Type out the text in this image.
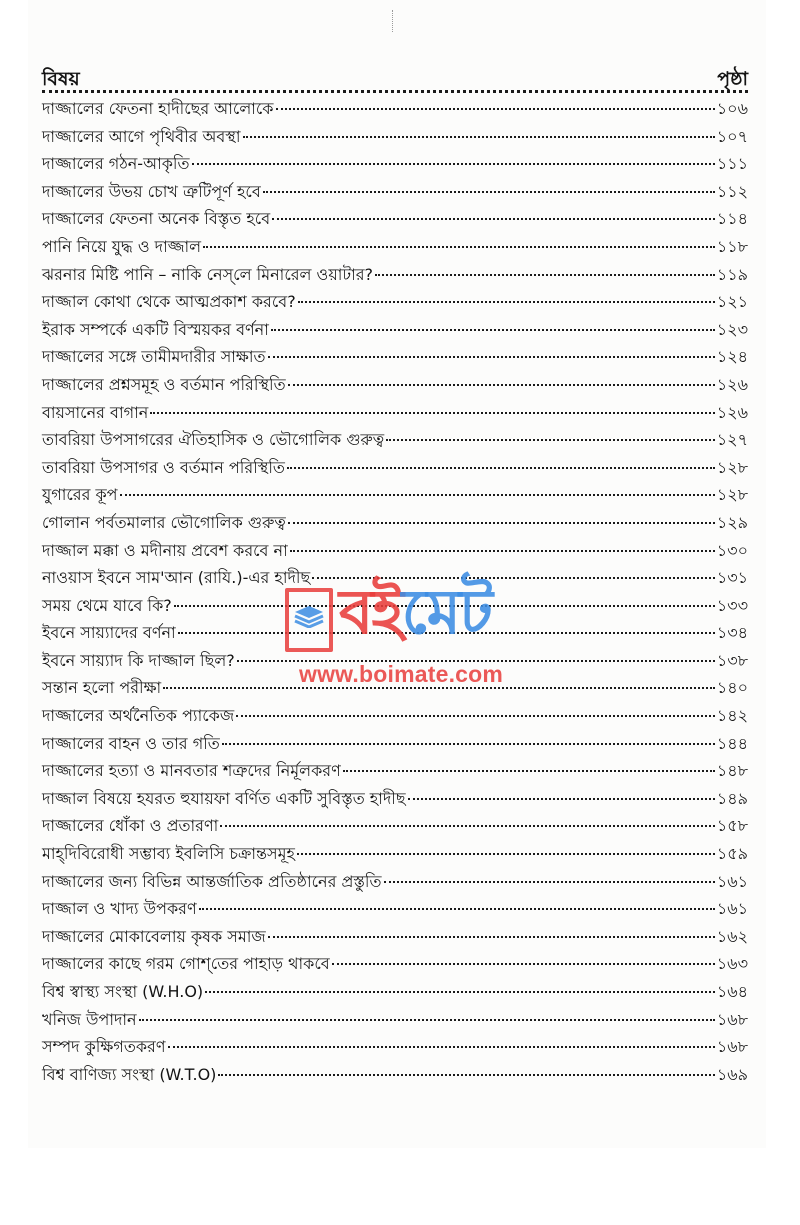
বিষয়	পৃষ্ঠা
দাজ্জালের ফেতনা হাদীছের আলোকে	১০৬
দাজ্জালের আগে পৃথিবীর অবস্থা	১০৭
দাজ্জালের গঠন-আকৃতি	১১১
দাজ্জালের উভয় চোখ ত্রুটিপূর্ণ হবে	১১২
দাজ্জালের ফেতনা অনেক বিস্তৃত হবে	১১৪
পানি নিয়ে যুদ্ধ ও দাজ্জাল	১১৮
ঝরনার মিষ্টি পানি – নাকি নেস্‌লে মিনারেল ওয়াটার?	১১৯
দাজ্জাল কোথা থেকে আত্মপ্রকাশ করবে?	১২১
ইরাক সম্পর্কে একটি বিস্ময়কর বর্ণনা	১২৩
দাজ্জালের সঙ্গে তামীমদারীর সাক্ষাত	১২৪
দাজ্জালের প্রশ্নসমূহ ও বর্তমান পরিস্থিতি	১২৬
বায়সানের বাগান	১২৬
তাবরিয়া উপসাগরের ঐতিহাসিক ও ভৌগোলিক গুরুত্ব	১২৭
তাবরিয়া উপসাগর ও বর্তমান পরিস্থিতি	১২৮
যুগারের কূপ	১২৮
গোলান পর্বতমালার ভৌগোলিক গুরুত্ব	১২৯
দাজ্জাল মক্কা ও মদীনায় প্রবেশ করবে না	১৩০
নাওয়াস ইবনে সাম'আন (রাযি.)-এর হাদীছ	১৩১
সময় থেমে যাবে কি?	১৩৩
ইবনে সায়্যাদের বর্ণনা	১৩৪
ইবনে সায়্যাদ কি দাজ্জাল ছিল?	১৩৮
সন্তান হলো পরীক্ষা	১৪০
দাজ্জালের অর্থনৈতিক প্যাকেজ	১৪২
দাজ্জালের বাহন ও তার গতি	১৪৪
দাজ্জালের হত্যা ও মানবতার শত্রুদের নির্মূলকরণ	১৪৮
দাজ্জাল বিষয়ে হযরত হুযায়ফা বর্ণিত একটি সুবিস্তৃত হাদীছ	১৪৯
দাজ্জালের ধোঁকা ও প্রতারণা	১৫৮
মাহ্‌দিবিরোধী সম্ভাব্য ইবলিসি চক্রান্তসমূহ	১৫৯
দাজ্জালের জন্য বিভিন্ন আন্তর্জাতিক প্রতিষ্ঠানের প্রস্তুতি	১৬১
দাজ্জাল ও খাদ্য উপকরণ	১৬১
দাজ্জালের মোকাবেলায় কৃষক সমাজ	১৬২
দাজ্জালের কাছে গরম গোশ্‌তের পাহাড় থাকবে	১৬৩
বিশ্ব স্বাস্থ্য সংস্থা (W.H.O)	১৬৪
খনিজ উপাদান	১৬৮
সম্পদ কুক্ষিগতকরণ	১৬৮
বিশ্ব বাণিজ্য সংস্থা (W.T.O)	১৬৯
বইমেট
www.boimate.com
